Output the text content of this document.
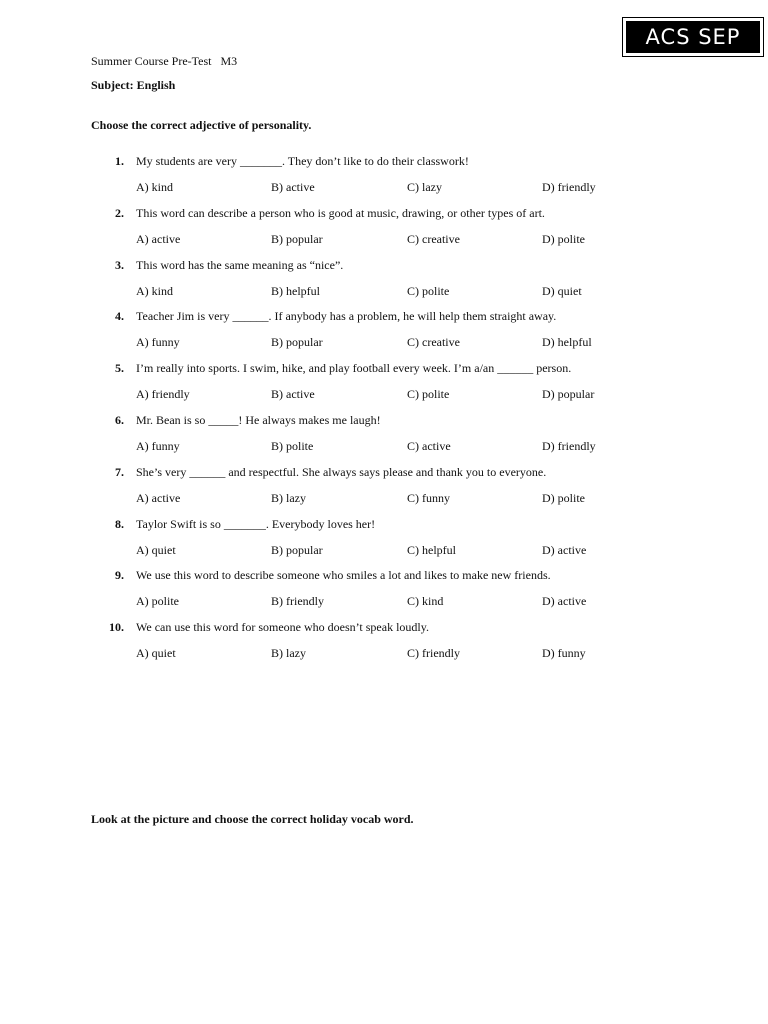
ACS SEP
Summer Course Pre-Test   M3
Subject: English
Choose the correct adjective of personality.
1. My students are very _______. They don’t like to do their classwork!
A) kind	B) active	C) lazy	D) friendly
2. This word can describe a person who is good at music, drawing, or other types of art.
A) active	B) popular	C) creative	D) polite
3. This word has the same meaning as “nice”.
A) kind	B) helpful	C) polite	D) quiet
4. Teacher Jim is very ______. If anybody has a problem, he will help them straight away.
A) funny	B) popular	C) creative	D) helpful
5. I’m really into sports. I swim, hike, and play football every week. I’m a/an ______ person.
A) friendly	B) active	C) polite	D) popular
6. Mr. Bean is so _____! He always makes me laugh!
A) funny	B) polite	C) active	D) friendly
7. She’s very ______ and respectful. She always says please and thank you to everyone.
A) active	B) lazy	C) funny	D) polite
8. Taylor Swift is so _______. Everybody loves her!
A) quiet	B) popular	C) helpful	D) active
9. We use this word to describe someone who smiles a lot and likes to make new friends.
A) polite	B) friendly	C) kind	D) active
10. We can use this word for someone who doesn’t speak loudly.
A) quiet	B) lazy	C) friendly	D) funny
Look at the picture and choose the correct holiday vocab word.
